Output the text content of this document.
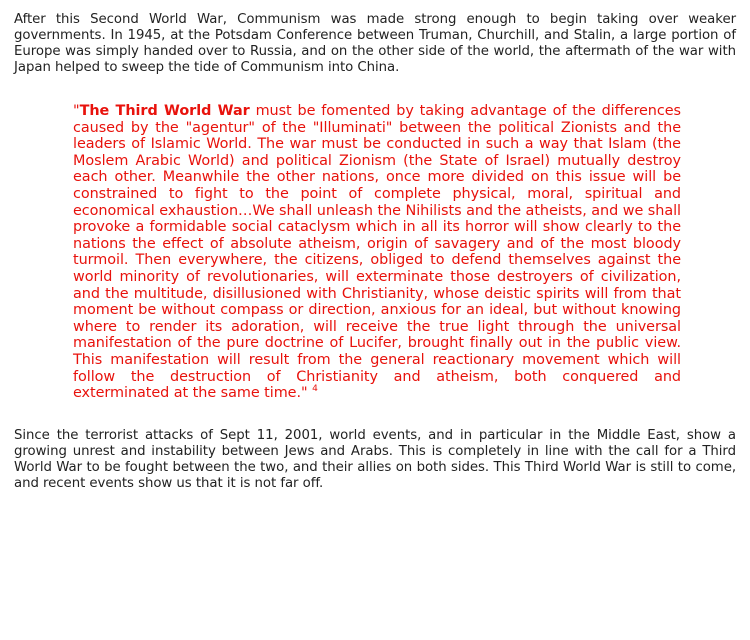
After this Second World War, Communism was made strong enough to begin taking over weaker governments. In 1945, at the Potsdam Conference between Truman, Churchill, and Stalin, a large portion of Europe was simply handed over to Russia, and on the other side of the world, the aftermath of the war with Japan helped to sweep the tide of Communism into China.

"The Third World War must be fomented by taking advantage of the differences caused by the "agentur" of the "Illuminati" between the political Zionists and the leaders of Islamic World. The war must be conducted in such a way that Islam (the Moslem Arabic World) and political Zionism (the State of Israel) mutually destroy each other. Meanwhile the other nations, once more divided on this issue will be constrained to fight to the point of complete physical, moral, spiritual and economical exhaustion…We shall unleash the Nihilists and the atheists, and we shall provoke a formidable social cataclysm which in all its horror will show clearly to the nations the effect of absolute atheism, origin of savagery and of the most bloody turmoil. Then everywhere, the citizens, obliged to defend themselves against the world minority of revolutionaries, will exterminate those destroyers of civilization, and the multitude, disillusioned with Christianity, whose deistic spirits will from that moment be without compass or direction, anxious for an ideal, but without knowing where to render its adoration, will receive the true light through the universal manifestation of the pure doctrine of Lucifer, brought finally out in the public view. This manifestation will result from the general reactionary movement which will follow the destruction of Christianity and atheism, both conquered and exterminated at the same time." $^4$

Since the terrorist attacks of Sept 11, 2001, world events, and in particular in the Middle East, show a growing unrest and instability between Jews and Arabs. This is completely in line with the call for a Third World War to be fought between the two, and their allies on both sides. This Third World War is still to come, and recent events show us that it is not far off.
